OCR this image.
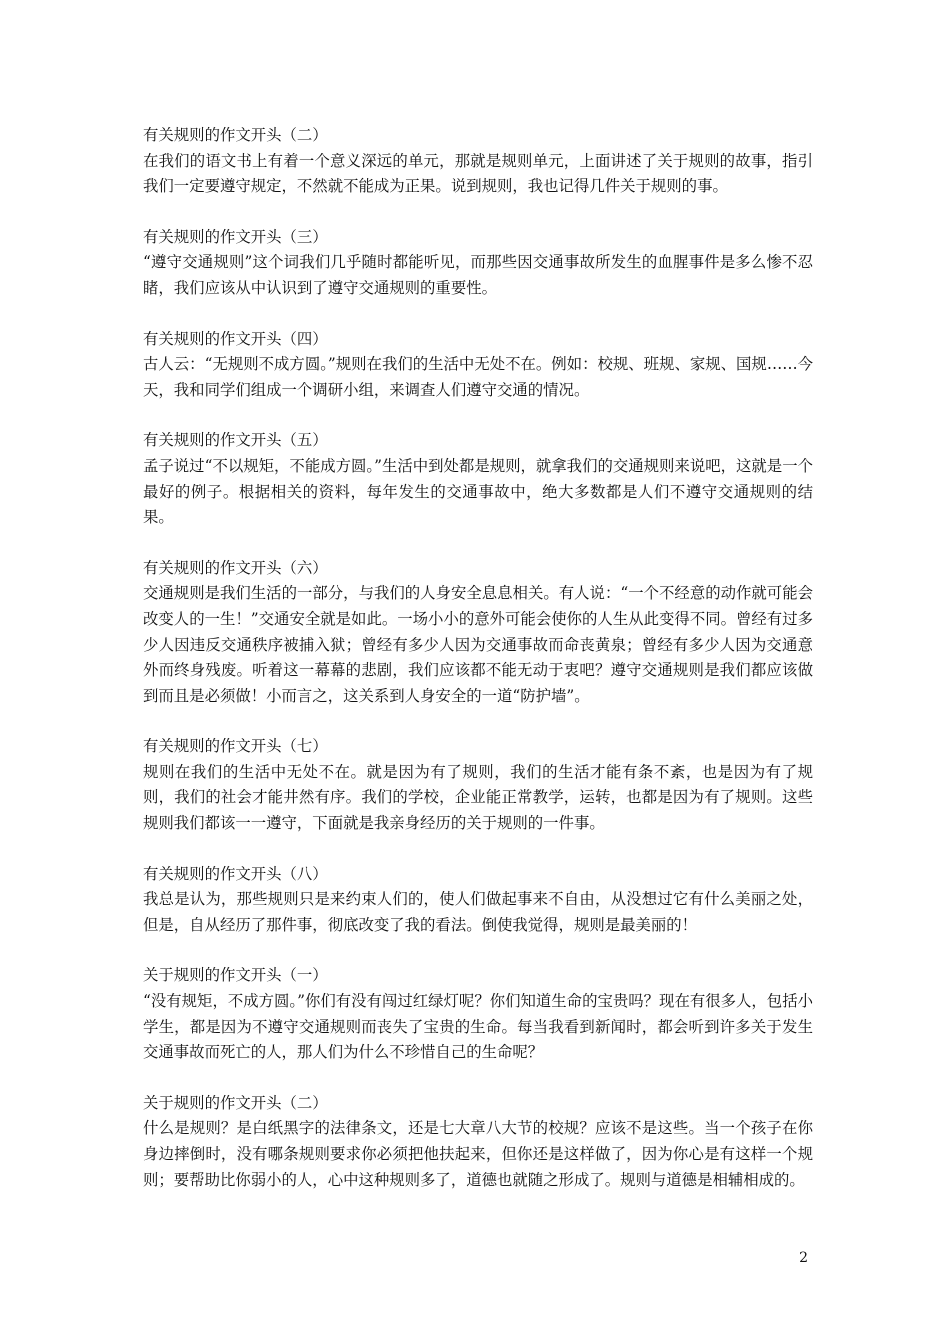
有关规则的作文开头（二）

在我们的语文书上有着一个意义深远的单元，那就是规则单元，上面讲述了关于规则的故事，指引我们一定要遵守规定，不然就不能成为正果。说到规则，我也记得几件关于规则的事。

有关规则的作文开头（三）

“遵守交通规则”这个词我们几乎随时都能听见，而那些因交通事故所发生的血腥事件是多么惨不忍睹，我们应该从中认识到了遵守交通规则的重要性。

有关规则的作文开头（四）

古人云：“无规则不成方圆。”规则在我们的生活中无处不在。例如：校规、班规、家规、国规……今天，我和同学们组成一个调研小组，来调查人们遵守交通的情况。

有关规则的作文开头（五）

孟子说过“不以规矩，不能成方圆。”生活中到处都是规则，就拿我们的交通规则来说吧，这就是一个最好的例子。根据相关的资料，每年发生的交通事故中，绝大多数都是人们不遵守交通规则的结果。

有关规则的作文开头（六）

交通规则是我们生活的一部分，与我们的人身安全息息相关。有人说：“一个不经意的动作就可能会改变人的一生！”交通安全就是如此。一场小小的意外可能会使你的人生从此变得不同。曾经有过多少人因违反交通秩序被捕入狱；曾经有多少人因为交通事故而命丧黄泉；曾经有多少人因为交通意外而终身残废。听着这一幕幕的悲剧，我们应该都不能无动于衷吧？遵守交通规则是我们都应该做到而且是必须做！小而言之，这关系到人身安全的一道“防护墙”。

有关规则的作文开头（七）

规则在我们的生活中无处不在。就是因为有了规则，我们的生活才能有条不紊，也是因为有了规则，我们的社会才能井然有序。我们的学校，企业能正常教学，运转，也都是因为有了规则。这些规则我们都该一一遵守，下面就是我亲身经历的关于规则的一件事。

有关规则的作文开头（八）

我总是认为，那些规则只是来约束人们的，使人们做起事来不自由，从没想过它有什么美丽之处，但是，自从经历了那件事，彻底改变了我的看法。倒使我觉得，规则是最美丽的！

关于规则的作文开头（一）

“没有规矩，不成方圆。”你们有没有闯过红绿灯呢？你们知道生命的宝贵吗？现在有很多人，包括小学生，都是因为不遵守交通规则而丧失了宝贵的生命。每当我看到新闻时，都会听到许多关于发生交通事故而死亡的人，那人们为什么不珍惜自己的生命呢？

关于规则的作文开头（二）

什么是规则？是白纸黑字的法律条文，还是七大章八大节的校规？应该不是这些。当一个孩子在你身边摔倒时，没有哪条规则要求你必须把他扶起来，但你还是这样做了，因为你心是有这样一个规则；要帮助比你弱小的人，心中这种规则多了，道德也就随之形成了。规则与道德是相辅相成的。

2
